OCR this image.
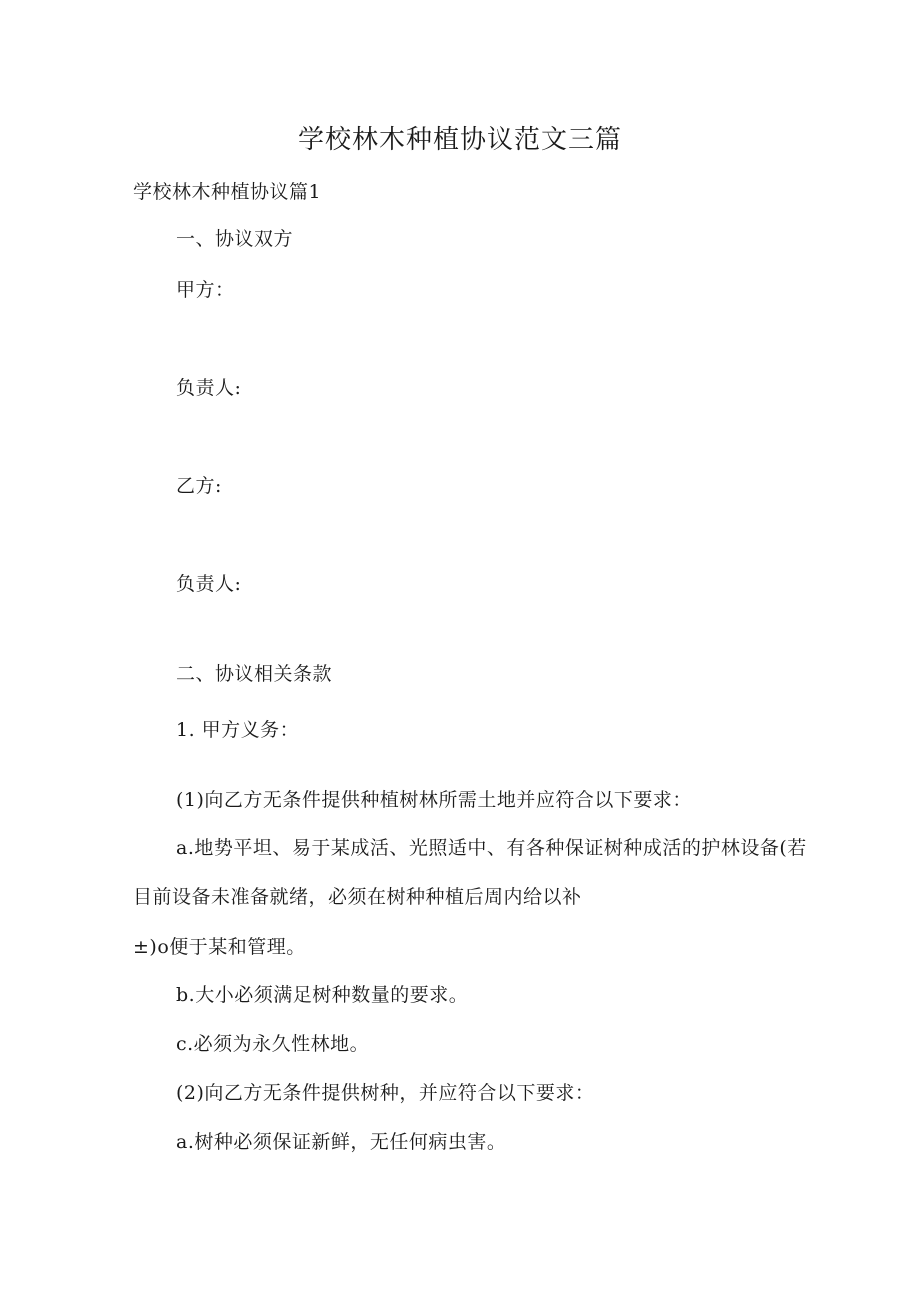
学校林木种植协议范文三篇
学校林木种植协议篇1
一、协议双方
甲方：
负责人:
乙方:
负责人:
二、协议相关条款
1. 甲方义务：
(1)向乙方无条件提供种植树林所需土地并应符合以下要求：
a.地势平坦、易于某成活、光照适中、有各种保证树种成活的护林设备(若
目前设备未准备就绪，必须在树种种植后周内给以补
±)o便于某和管理。
b.大小必须满足树种数量的要求。
c.必须为永久性林地。
(2)向乙方无条件提供树种，并应符合以下要求：
a.树种必须保证新鲜，无任何病虫害。
